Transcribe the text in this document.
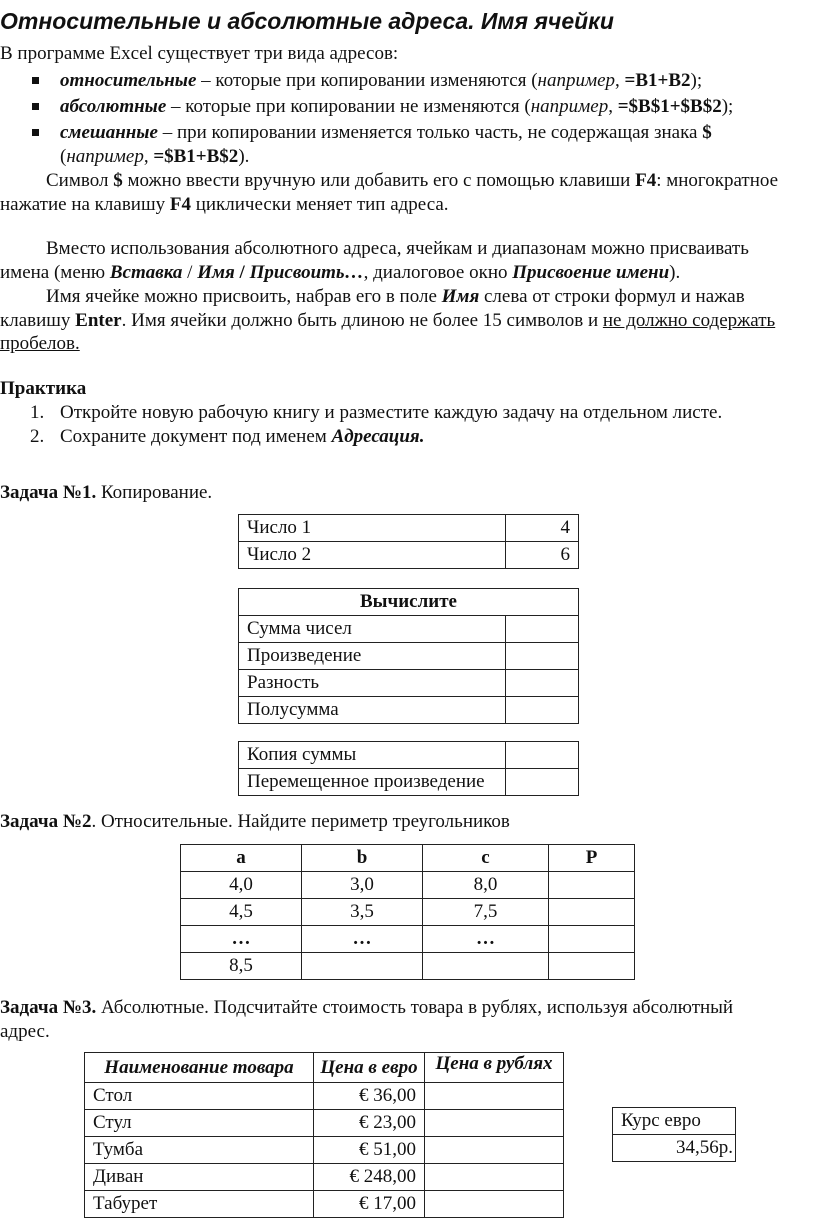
Относительные и абсолютные адреса. Имя ячейки
В программе Excel существует три вида адресов:
относительные – которые при копировании изменяются (например, =B1+B2);
абсолютные – которые при копировании не изменяются (например, =$B$1+$B$2);
смешанные – при копировании изменяется только часть, не содержащая знака $
(например, =$B1+B$2).
Символ $ можно ввести вручную или добавить его с помощью клавиши F4: многократное
нажатие на клавишу F4 циклически меняет тип адреса.
Вместо использования абсолютного адреса, ячейкам и диапазонам можно присваивать
имена (меню Вставка / Имя / Присвоить…, диалоговое окно Присвоение имени).
Имя ячейке можно присвоить, набрав его в поле Имя слева от строки формул и нажав
клавишу Enter. Имя ячейки должно быть длиною не более 15 символов и не должно содержать
пробелов.
Практика
1. Откройте новую рабочую книгу и разместите каждую задачу на отдельном листе.
2. Сохраните документ под именем Адресация.
Задача №1. Копирование.
Число 1	4
Число 2	6
Вычислите	
Сумма чисел	
Произведение	
Разность	
Полусумма	
Копия суммы	
Перемещенное произведение	
Задача №2. Относительные. Найдите периметр треугольников
a	b	c	P
4,0	3,0	8,0	
4,5	3,5	7,5	
…	…	…	
8,5			
Задача №3. Абсолютные. Подсчитайте стоимость товара в рублях, используя абсолютный
адрес.
Наименование товара	Цена в евро	Цена в рублях
Стол	€ 36,00	
Стул	€ 23,00	
Тумба	€ 51,00	
Диван	€ 248,00	
Табурет	€ 17,00	
Курс евро
34,56р.
